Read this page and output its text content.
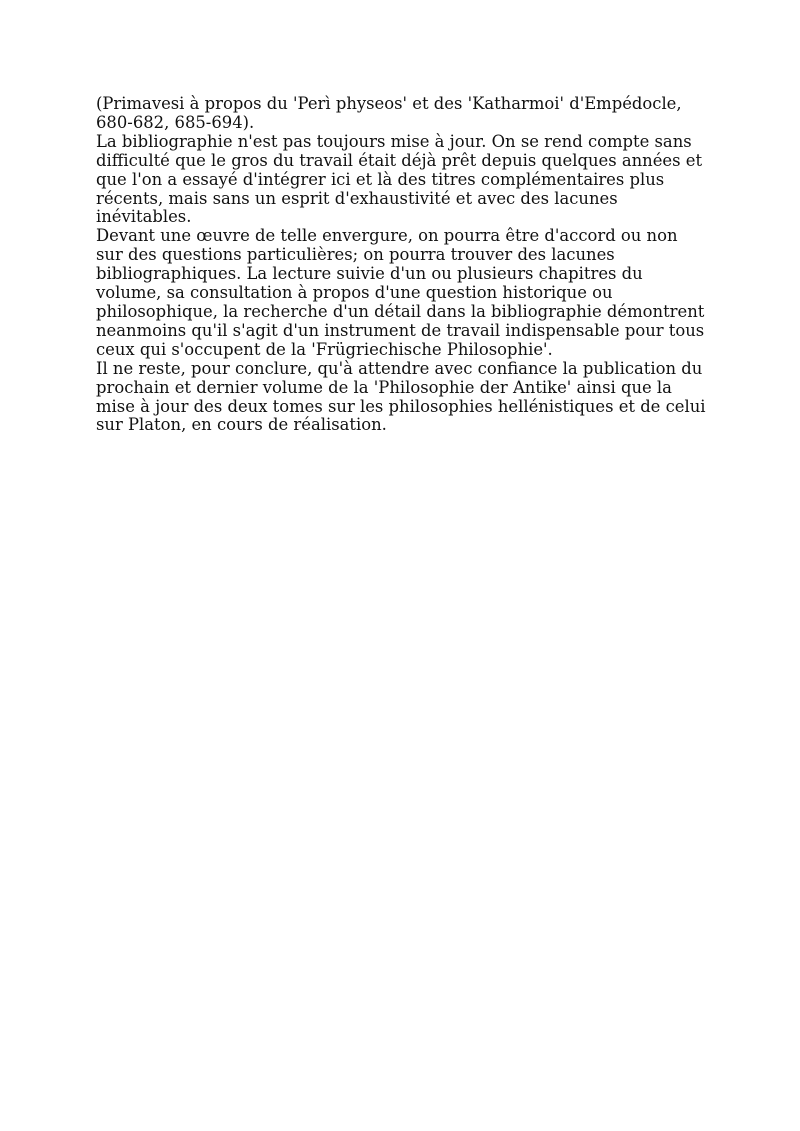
(Primavesi à propos du 'Perì physeos' et des 'Katharmoi' d'Empédocle, 680-682, 685-694).

La bibliographie n'est pas toujours mise à jour. On se rend compte sans difficulté que le gros du travail était déjà prêt depuis quelques années et que l'on a essayé d'intégrer ici et là des titres complémentaires plus récents, mais sans un esprit d'exhaustivité et avec des lacunes inévitables.

Devant une œuvre de telle envergure, on pourra être d'accord ou non sur des questions particulières; on pourra trouver des lacunes bibliographiques. La lecture suivie d'un ou plusieurs chapitres du volume, sa consultation à propos d'une question historique ou philosophique, la recherche d'un détail dans la bibliographie démontrent neanmoins qu'il s'agit d'un instrument de travail indispensable pour tous ceux qui s'occupent de la 'Frügriechische Philosophie'.

Il ne reste, pour conclure, qu'à attendre avec confiance la publication du prochain et dernier volume de la 'Philosophie der Antike' ainsi que la mise à jour des deux tomes sur les philosophies hellénistiques et de celui sur Platon, en cours de réalisation.
